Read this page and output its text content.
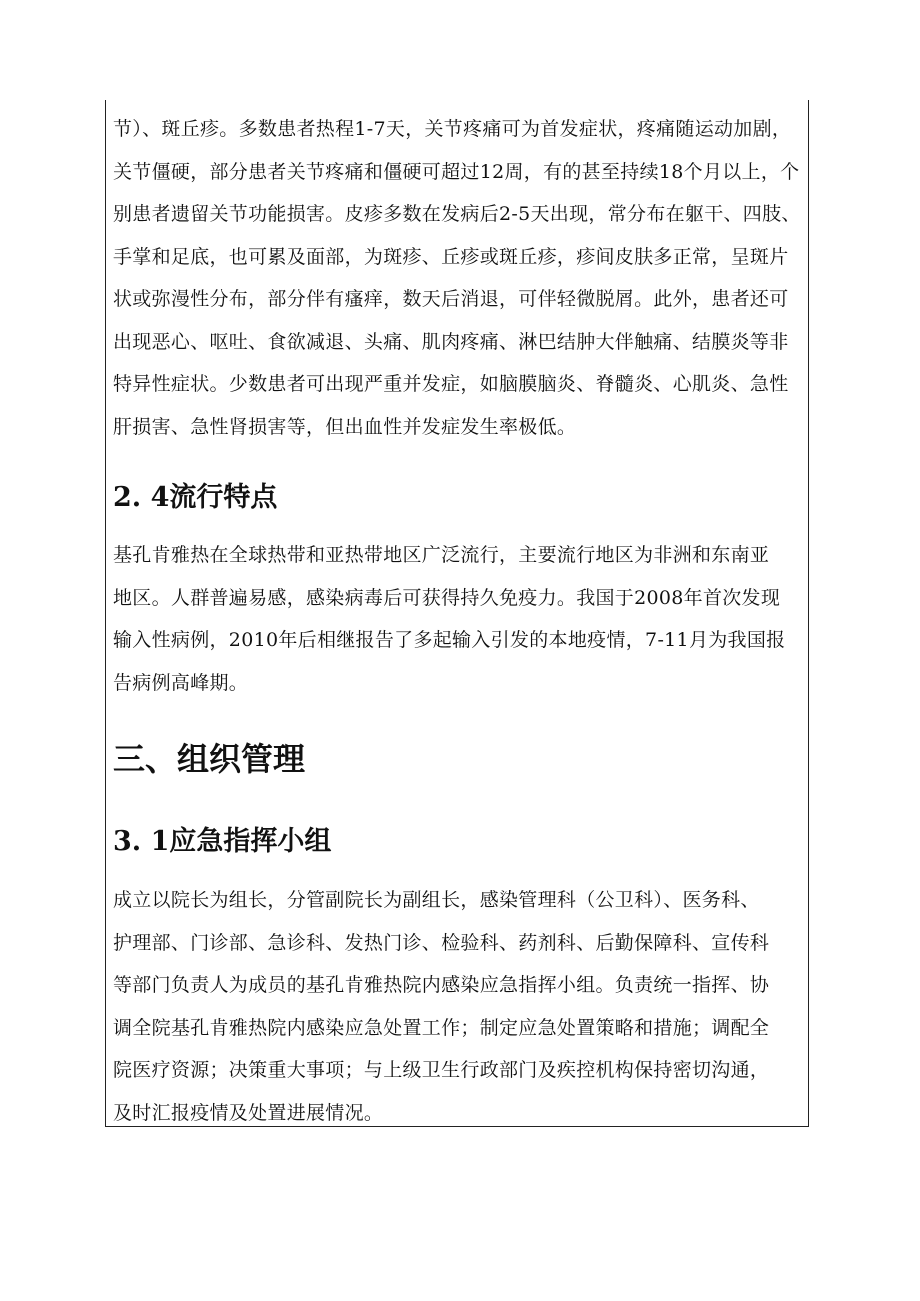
节）、斑丘疹。多数患者热程1-7天，关节疼痛可为首发症状，疼痛随运动加剧，
关节僵硬，部分患者关节疼痛和僵硬可超过12周，有的甚至持续18个月以上，个
别患者遗留关节功能损害。皮疹多数在发病后2-5天出现，常分布在躯干、四肢、
手掌和足底，也可累及面部，为斑疹、丘疹或斑丘疹，疹间皮肤多正常，呈斑片
状或弥漫性分布，部分伴有瘙痒，数天后消退，可伴轻微脱屑。此外，患者还可
出现恶心、呕吐、食欲减退、头痛、肌肉疼痛、淋巴结肿大伴触痛、结膜炎等非
特异性症状。少数患者可出现严重并发症，如脑膜脑炎、脊髓炎、心肌炎、急性
肝损害、急性肾损害等，但出血性并发症发生率极低。

2. 4流行特点

基孔肯雅热在全球热带和亚热带地区广泛流行，主要流行地区为非洲和东南亚
地区。人群普遍易感，感染病毒后可获得持久免疫力。我国于2008年首次发现
输入性病例，2010年后相继报告了多起输入引发的本地疫情，7-11月为我国报
告病例高峰期。

三、组织管理
3. 1应急指挥小组

成立以院长为组长，分管副院长为副组长，感染管理科（公卫科）、医务科、
护理部、门诊部、急诊科、发热门诊、检验科、药剂科、后勤保障科、宣传科
等部门负责人为成员的基孔肯雅热院内感染应急指挥小组。负责统一指挥、协
调全院基孔肯雅热院内感染应急处置工作；制定应急处置策略和措施；调配全
院医疗资源；决策重大事项；与上级卫生行政部门及疾控机构保持密切沟通，
及时汇报疫情及处置进展情况。
